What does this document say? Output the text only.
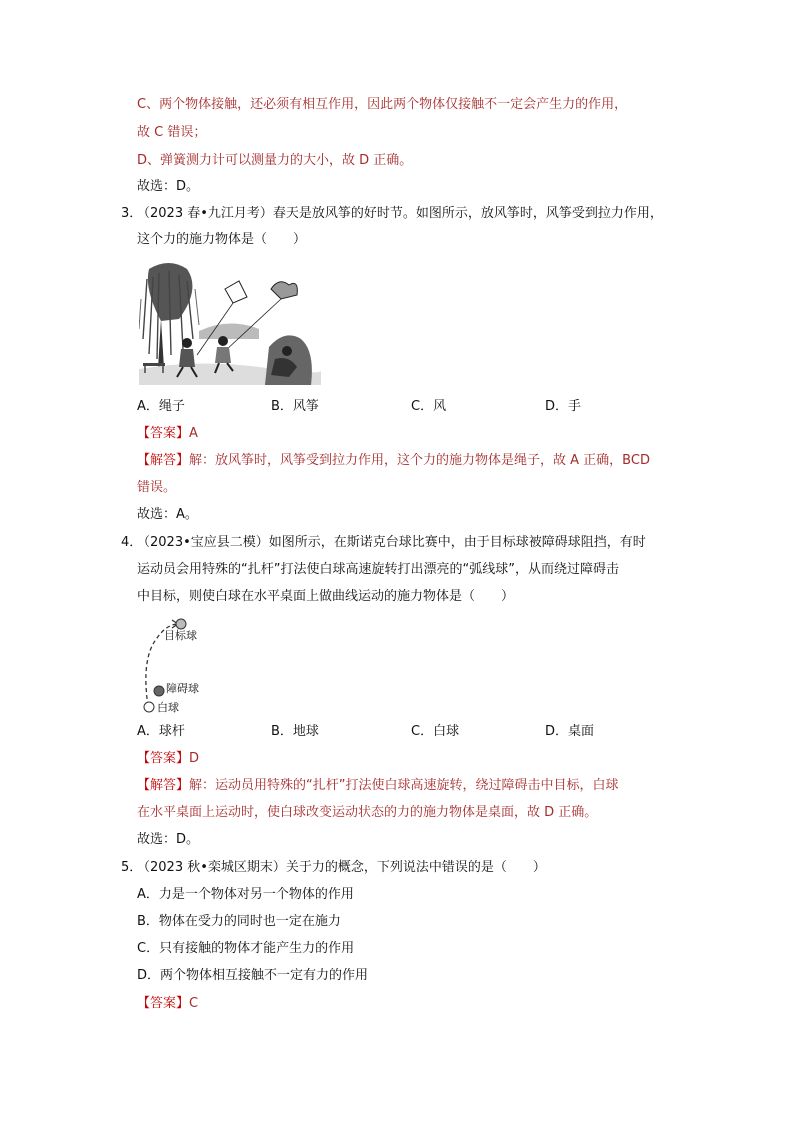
C、两个物体接触，还必须有相互作用，因此两个物体仅接触不一定会产生力的作用，
故 C 错误；
D、弹簧测力计可以测量力的大小，故 D 正确。
故选：D。
3．
（2023 春•九江月考）春天是放风筝的好时节。如图所示，放风筝时，风筝受到拉力作用，
这个力的施力物体是（　　）
A．绳子	B．风筝	C．风	D．手
【答案】A
【解答】解：放风筝时，风筝受到拉力作用，这个力的施力物体是绳子，故 A 正确，BCD
错误。
故选：A。
4．
（2023•宝应县二模）如图所示，在斯诺克台球比赛中，由于目标球被障碍球阻挡，有时
运动员会用特殊的“扎杆”打法使白球高速旋转打出漂亮的“弧线球”，从而绕过障碍击
中目标，则使白球在水平桌面上做曲线运动的施力物体是（　　）
目标球
障碍球
白球
A．球杆	B．地球	C．白球	D．桌面
【答案】D
【解答】解：运动员用特殊的“扎杆”打法使白球高速旋转，绕过障碍击中目标，白球
在水平桌面上运动时，使白球改变运动状态的力的施力物体是桌面，故 D 正确。
故选：D。
5．
（2023 秋•栾城区期末）关于力的概念，下列说法中错误的是（　　）
A．力是一个物体对另一个物体的作用
B．物体在受力的同时也一定在施力
C．只有接触的物体才能产生力的作用
D．两个物体相互接触不一定有力的作用
【答案】C
